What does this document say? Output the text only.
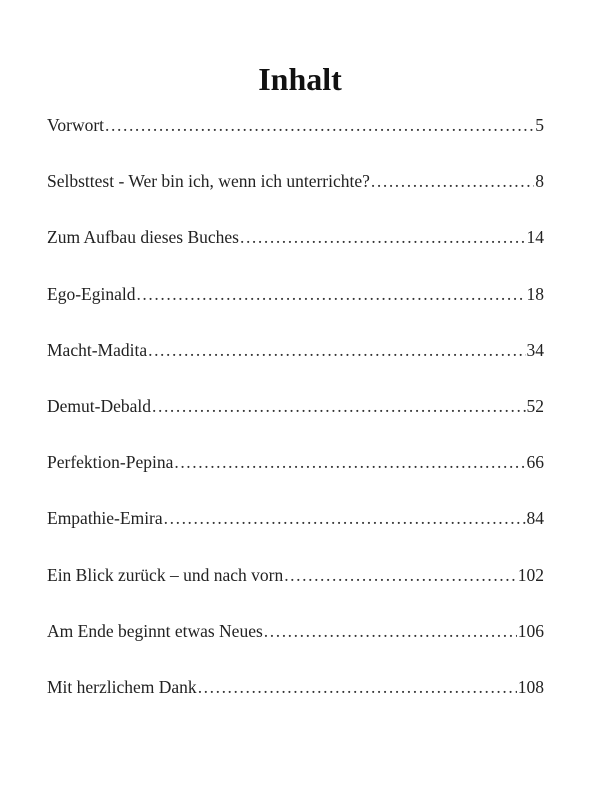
Inhalt
Vorwort .....	5
Selbsttest - Wer bin ich, wenn ich unterrichte? .....	8
Zum Aufbau dieses Buches .....	14
Ego-Eginald .....	18
Macht-Madita .....	34
Demut-Debald .....	52
Perfektion-Pepina .....	66
Empathie-Emira .....	84
Ein Blick zurück – und nach vorn .....	102
Am Ende beginnt etwas Neues .....	106
Mit herzlichem Dank .....	108
